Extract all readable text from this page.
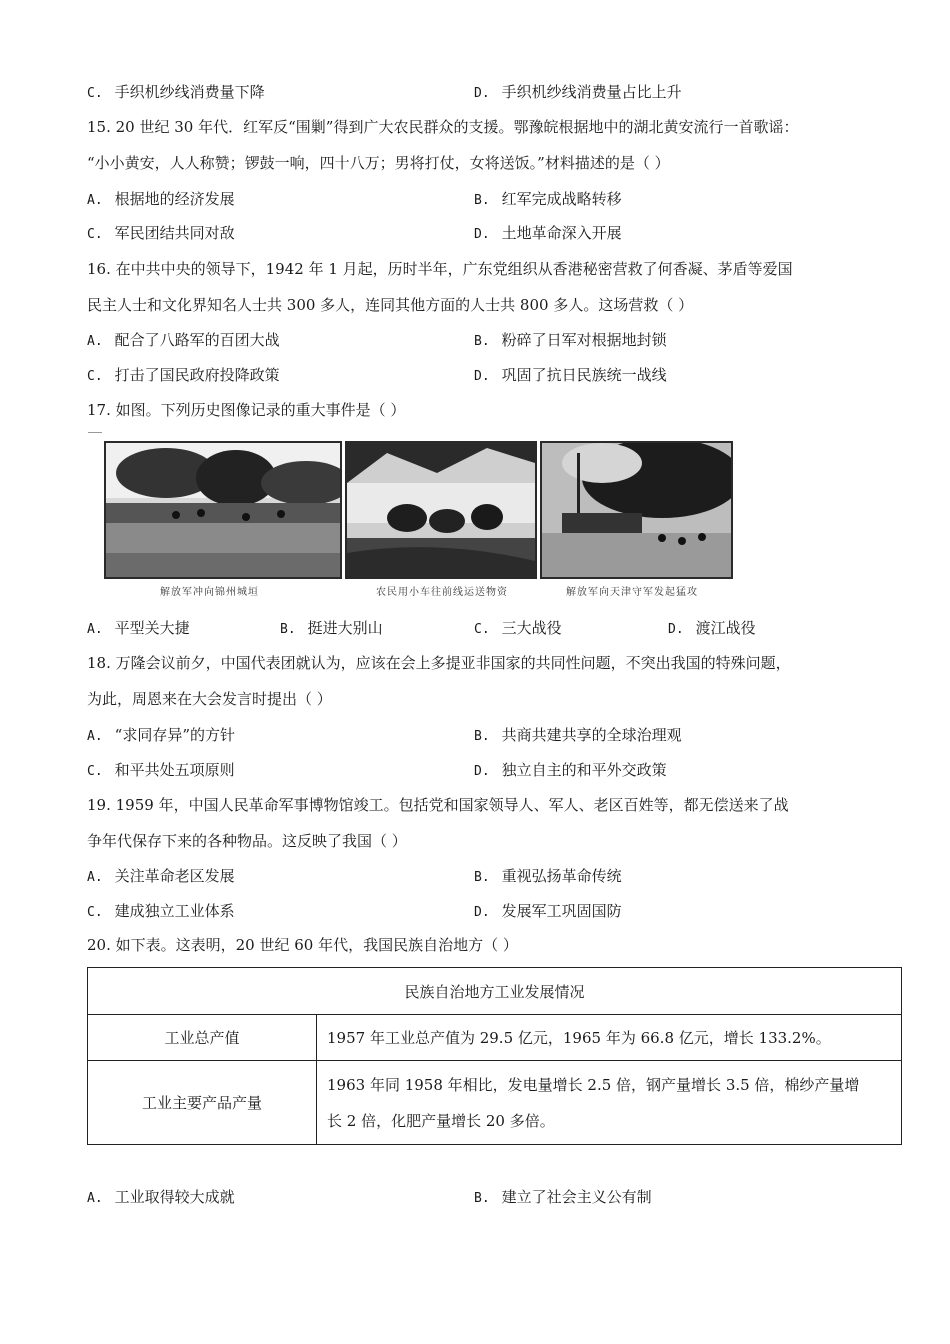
C. 手织机纱线消费量下降	D. 手织机纱线消费量占比上升
15. 20 世纪 30 年代．红军反“围剿”得到广大农民群众的支援。鄂豫皖根据地中的湖北黄安流行一首歌谣：
“小小黄安，人人称赞；锣鼓一响，四十八万；男将打仗，女将送饭。”材料描述的是（ ）
A. 根据地的经济发展	B. 红军完成战略转移
C. 军民团结共同对敌	D. 土地革命深入开展
16. 在中共中央的领导下，1942 年 1 月起，历时半年，广东党组织从香港秘密营救了何香凝、茅盾等爱国
民主人士和文化界知名人士共 300 多人，连同其他方面的人士共 800 多人。这场营救（ ）
A. 配合了八路军的百团大战	B. 粉碎了日军对根据地封锁
C. 打击了国民政府投降政策	D. 巩固了抗日民族统一战线
17. 如图。下列历史图像记录的重大事件是（ ）
解放军冲向锦州城垣	农民用小车往前线运送物资	解放军向天津守军发起猛攻
A. 平型关大捷	B. 挺进大别山	C. 三大战役	D. 渡江战役
18. 万隆会议前夕，中国代表团就认为，应该在会上多提亚非国家的共同性问题，不突出我国的特殊问题，
为此，周恩来在大会发言时提出（ ）
A. “求同存异”的方针	B. 共商共建共享的全球治理观
C. 和平共处五项原则	D. 独立自主的和平外交政策
19. 1959 年，中国人民革命军事博物馆竣工。包括党和国家领导人、军人、老区百姓等，都无偿送来了战
争年代保存下来的各种物品。这反映了我国（ ）
A. 关注革命老区发展	B. 重视弘扬革命传统
C. 建成独立工业体系	D. 发展军工巩固国防
20. 如下表。这表明，20 世纪 60 年代，我国民族自治地方（ ）
民族自治地方工业发展情况	
工业总产值	1957 年工业总产值为 29.5 亿元，1965 年为 66.8 亿元，增长 133.2%。
工业主要产品产量	1963 年同 1958 年相比，发电量增长 2.5 倍，钢产量增长 3.5 倍，棉纱产量增
长 2 倍，化肥产量增长 20 多倍。
A. 工业取得较大成就	B. 建立了社会主义公有制
